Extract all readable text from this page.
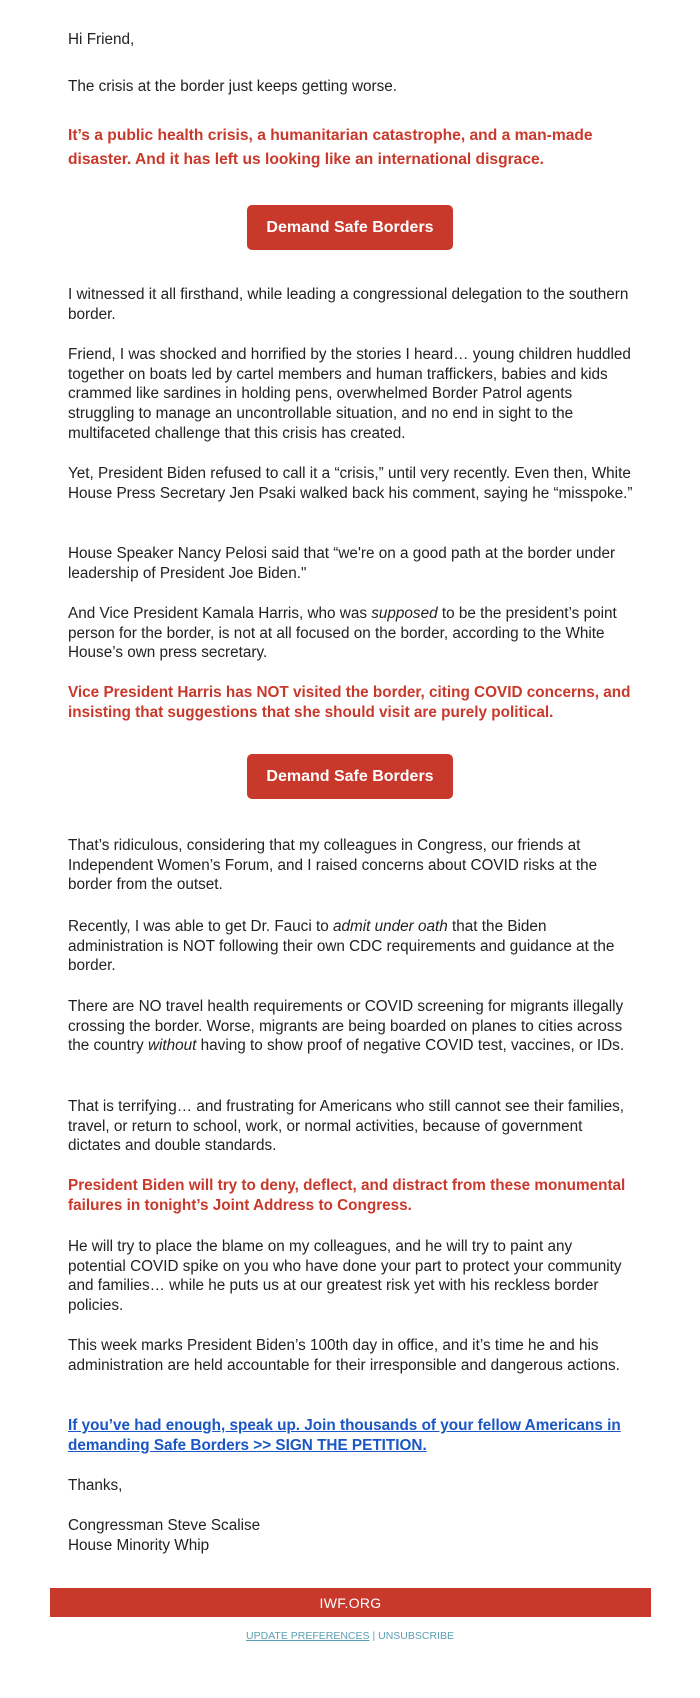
Hi Friend,

The crisis at the border just keeps getting worse.

It’s a public health crisis, a humanitarian catastrophe, and a man-made disaster. And it has left us looking like an international disgrace.

Demand Safe Borders

I witnessed it all firsthand, while leading a congressional delegation to the southern border.

Friend, I was shocked and horrified by the stories I heard… young children huddled together on boats led by cartel members and human traffickers, babies and kids crammed like sardines in holding pens, overwhelmed Border Patrol agents struggling to manage an uncontrollable situation, and no end in sight to the multifaceted challenge that this crisis has created.

Yet, President Biden refused to call it a “crisis,” until very recently. Even then, White House Press Secretary Jen Psaki walked back his comment, saying he “misspoke.”

House Speaker Nancy Pelosi said that “we're on a good path at the border under leadership of President Joe Biden."

And Vice President Kamala Harris, who was supposed to be the president’s point person for the border, is not at all focused on the border, according to the White House’s own press secretary.

Vice President Harris has NOT visited the border, citing COVID concerns, and insisting that suggestions that she should visit are purely political.

Demand Safe Borders

That’s ridiculous, considering that my colleagues in Congress, our friends at Independent Women’s Forum, and I raised concerns about COVID risks at the border from the outset.

Recently, I was able to get Dr. Fauci to admit under oath that the Biden administration is NOT following their own CDC requirements and guidance at the border.

There are NO travel health requirements or COVID screening for migrants illegally crossing the border. Worse, migrants are being boarded on planes to cities across the country without having to show proof of negative COVID test, vaccines, or IDs.

That is terrifying… and frustrating for Americans who still cannot see their families, travel, or return to school, work, or normal activities, because of government dictates and double standards.

President Biden will try to deny, deflect, and distract from these monumental failures in tonight’s Joint Address to Congress.

He will try to place the blame on my colleagues, and he will try to paint any potential COVID spike on you who have done your part to protect your community and families… while he puts us at our greatest risk yet with his reckless border policies.

This week marks President Biden’s 100th day in office, and it’s time he and his administration are held accountable for their irresponsible and dangerous actions.

If you’ve had enough, speak up. Join thousands of your fellow Americans in demanding Safe Borders >> SIGN THE PETITION.

Thanks,

Congressman Steve Scalise

House Minority Whip

IWF.ORG
UPDATE PREFERENCES | UNSUBSCRIBE
